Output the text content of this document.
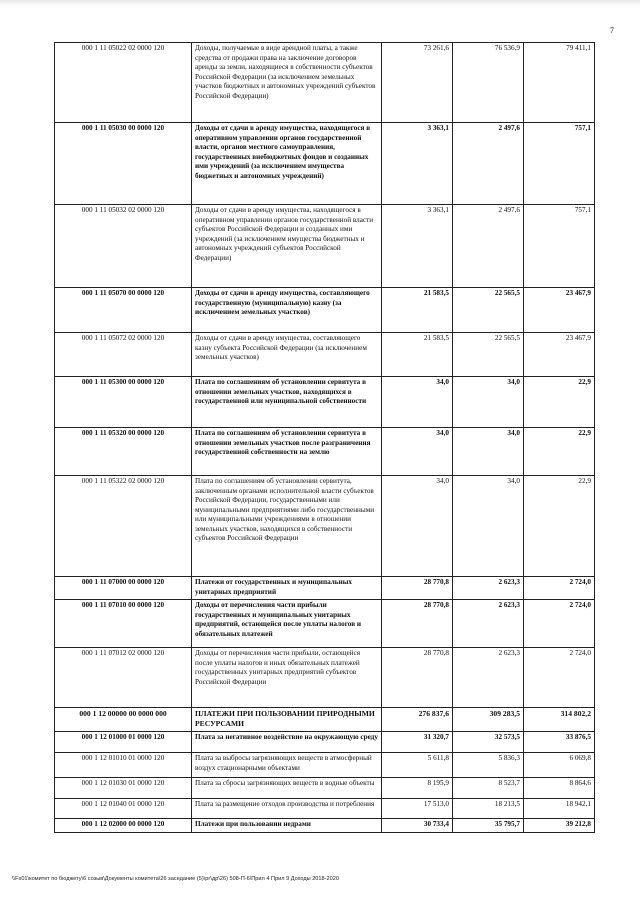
7
000 1 11 05022 02 0000 120	Доходы, получаемые в виде арендной платы, а также средства от продажи права на заключение договоров аренды за земли, находящиеся в собственности субъектов Российской Федерации (за исключением земельных участков бюджетных и автономных учреждений субъектов Российской Федерации)	73 261,6	76 536,9	79 411,1
000 1 11 05030 00 0000 120	Доходы от сдачи в аренду имущества, находящегося в оперативном управлении органов государственной власти, органов местного самоуправления, государственных внебюджетных фондов и созданных ими учреждений (за исключением имущества бюджетных и автономных учреждений)	3 363,1	2 497,6	757,1
000 1 11 05032 02 0000 120	Доходы от сдачи в аренду имущества, находящегося в оперативном управлении органов государственной власти субъектов Российской Федерации и созданных ими учреждений (за исключением имущества бюджетных и автономных учреждений субъектов Российской Федерации)	3 363,1	2 497,6	757,1
000 1 11 05070 00 0000 120	Доходы от сдачи в аренду имущества, составляющего государственную (муниципальную) казну (за исключением земельных участков)	21 583,5	22 565,5	23 467,9
000 1 11 05072 02 0000 120	Доходы от сдачи в аренду имущества, составляющего казну субъекта Российской Федерации (за исключением земельных участков)	21 583,5	22 565,5	23 467,9
000 1 11 05300 00 0000 120	Плата по соглашениям об установлении сервитута в отношении земельных участков, находящихся в государственной или муниципальной собственности	34,0	34,0	22,9
000 1 11 05320 00 0000 120	Плата по соглашениям об установлении сервитута в отношении земельных участков после разграничения государственной собственности на землю	34,0	34,0	22,9
000 1 11 05322 02 0000 120	Плата по соглашениям об установлении сервитута, заключенным органами исполнительной власти субъектов Российской Федерации, государственными или муниципальными предприятиями либо государственными или муниципальными учреждениями в отношении земельных участков, находящихся в собственности субъектов Российской Федерации	34,0	34,0	22,9
000 1 11 07000 00 0000 120	Платежи от государственных и муниципальных унитарных предприятий	28 770,8	2 623,3	2 724,0
000 1 11 07010 00 0000 120	Доходы от перечисления части прибыли государственных и муниципальных унитарных предприятий, остающейся после уплаты налогов и обязательных платежей	28 770,8	2 623,3	2 724,0
000 1 11 07012 02 0000 120	Доходы от перечисления части прибыли, остающейся после уплаты налогов и иных обязательных платежей государственных унитарных предприятий субъектов Российской Федерации	28 770,8	2 623,3	2 724,0
000 1 12 00000 00 0000 000	ПЛАТЕЖИ ПРИ ПОЛЬЗОВАНИИ ПРИРОДНЫМИ РЕСУРСАМИ	276 837,6	309 283,5	314 802,2
000 1 12 01000 01 0000 120	Плата за негативное воздействие на окружающую среду	31 320,7	32 573,5	33 876,5
000 1 12 01010 01 0000 120	Плата за выбросы загрязняющих веществ в атмосферный воздух стационарными объектами	5 611,8	5 836,3	6 069,8
000 1 12 01030 01 0000 120	Плата за сбросы загрязняющих веществ в водные объекты	8 195,9	8 523,7	8 864,6
000 1 12 01040 01 0000 120	Плата за размещение отходов производства и потребления	17 513,0	18 213,5	18 942,1
000 1 12 02000 00 0000 120	Платежи при пользовании недрами	30 733,4	35 795,7	39 212,8
\\Fs01\комитет по бюджету\6 созыв\Документы комитета\26 заседание (5)\рг\др\26) 508-П-6\Прил 4 Прил 9 Доходы 2018-2020
